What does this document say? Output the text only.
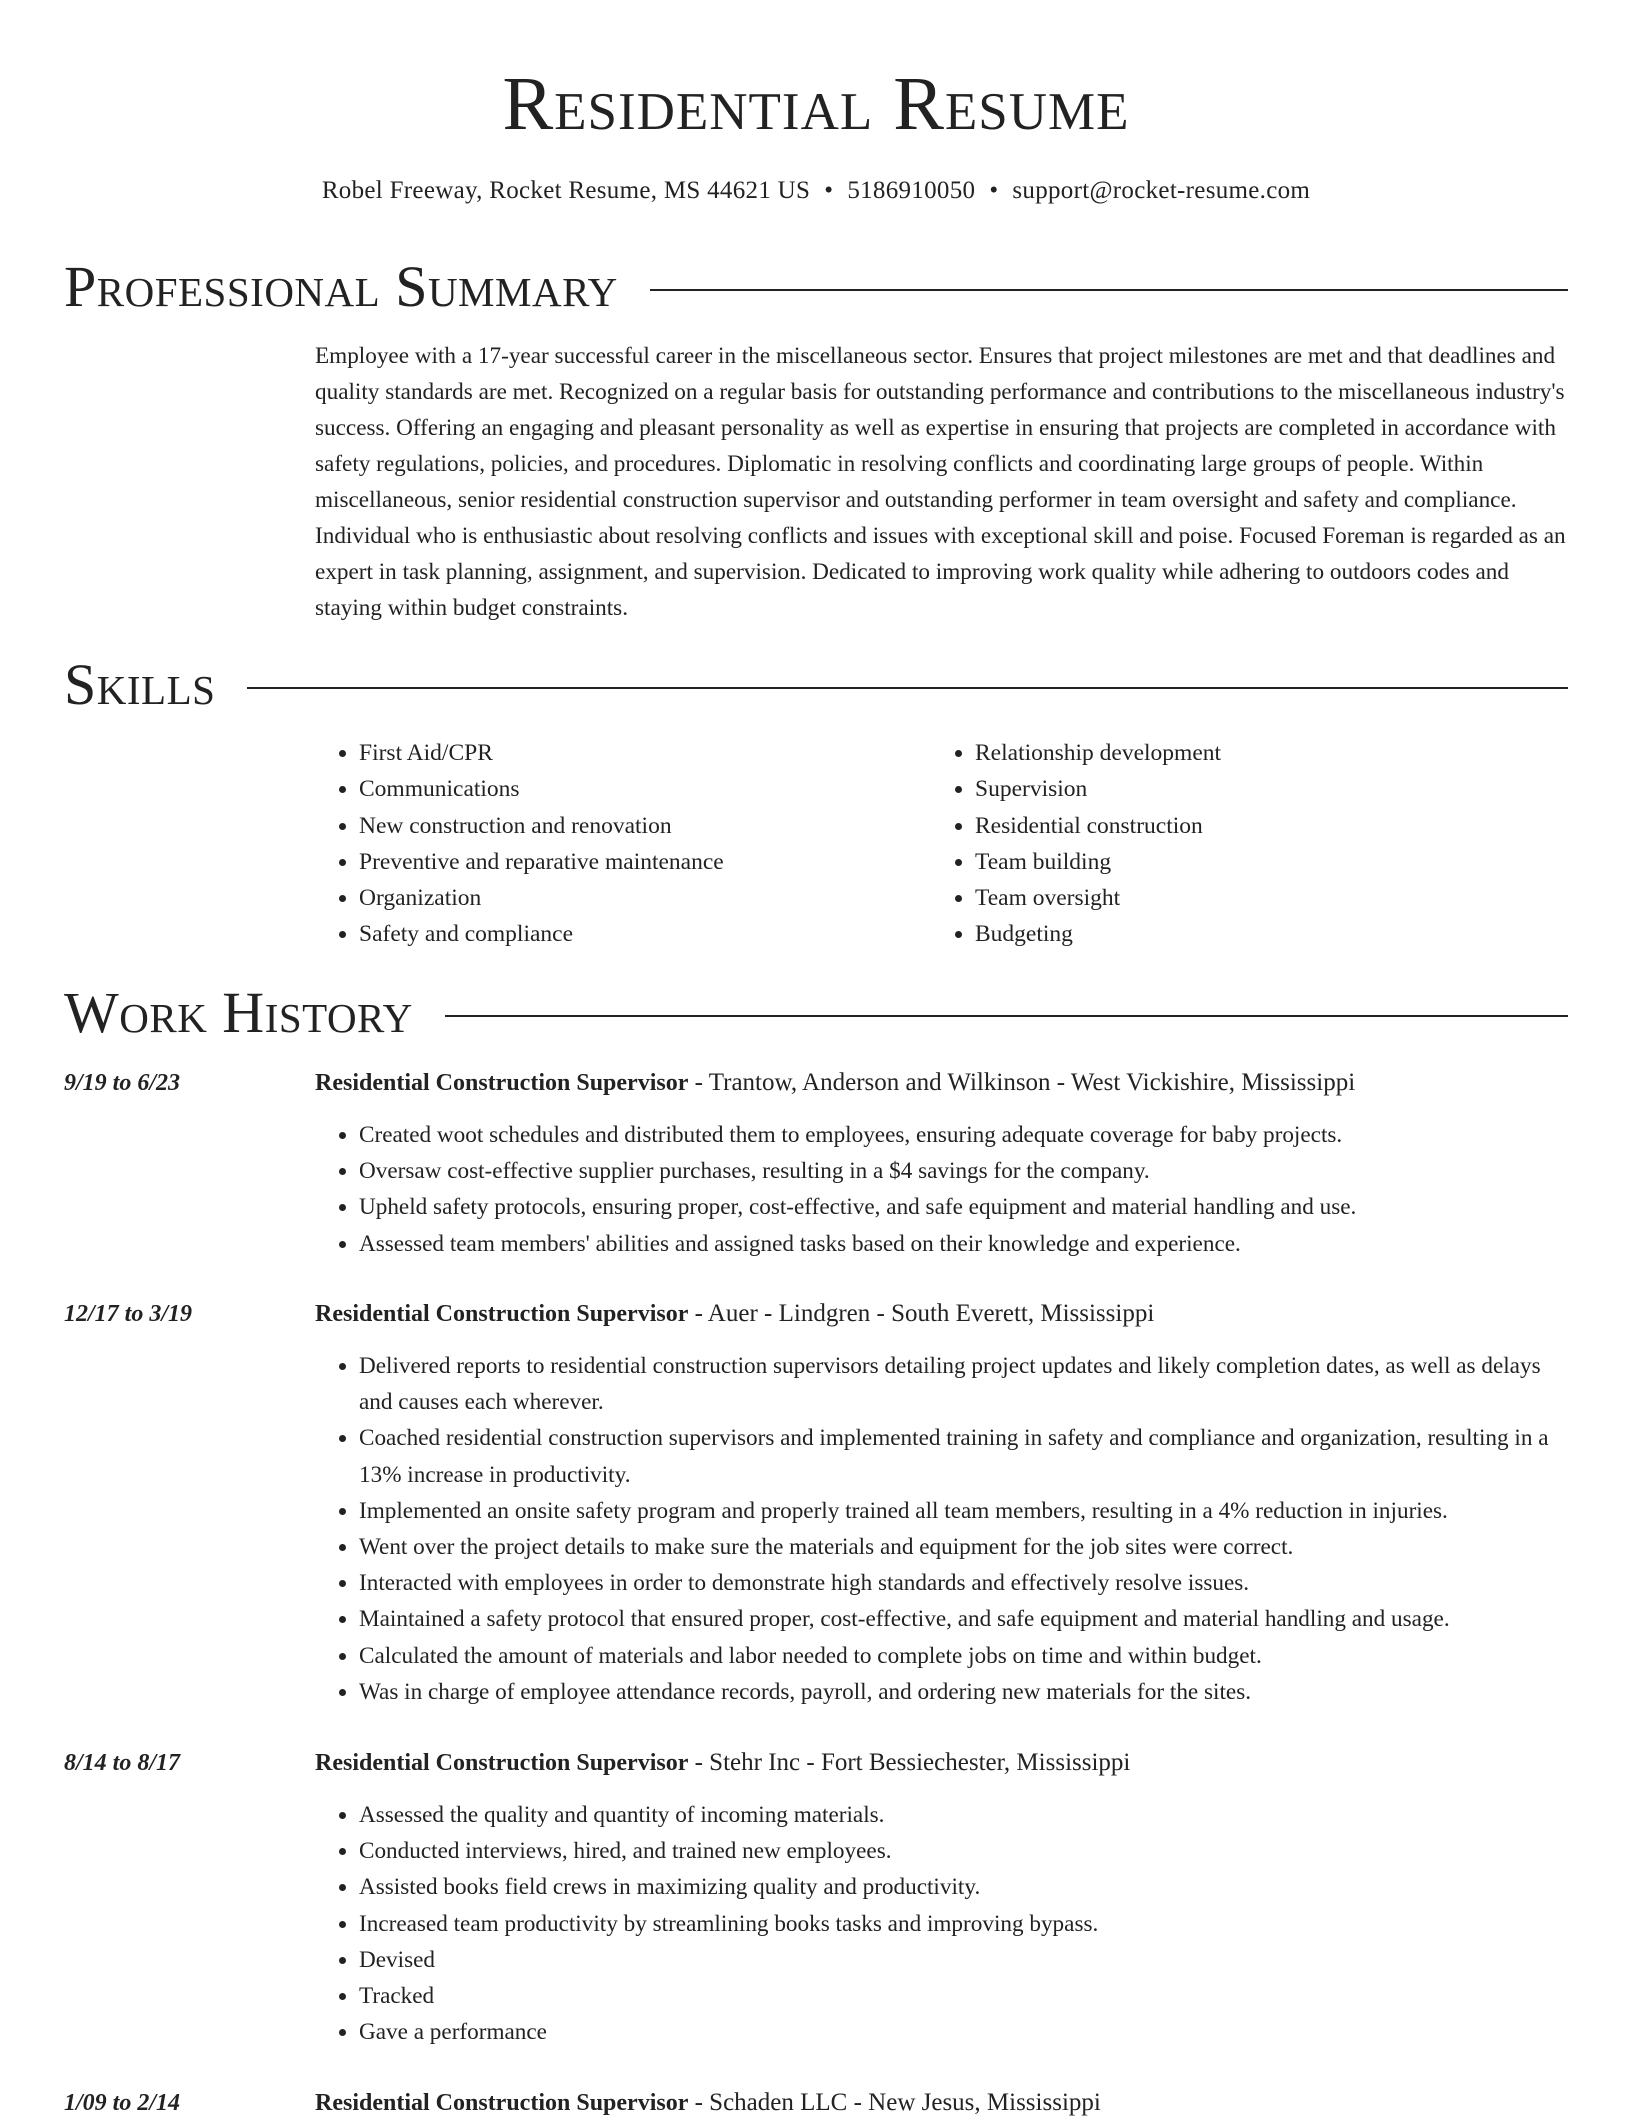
Residential Resume
Robel Freeway, Rocket Resume, MS 44621 US • 5186910050 • support@rocket-resume.com
Professional Summary

Employee with a 17-year successful career in the miscellaneous sector. Ensures that project milestones are met and that deadlines and quality standards are met. Recognized on a regular basis for outstanding performance and contributions to the miscellaneous industry's success. Offering an engaging and pleasant personality as well as expertise in ensuring that projects are completed in accordance with safety regulations, policies, and procedures. Diplomatic in resolving conflicts and coordinating large groups of people. Within miscellaneous, senior residential construction supervisor and outstanding performer in team oversight and safety and compliance. Individual who is enthusiastic about resolving conflicts and issues with exceptional skill and poise. Focused Foreman is regarded as an expert in task planning, assignment, and supervision. Dedicated to improving work quality while adhering to outdoors codes and staying within budget constraints.

Skills
• First Aid/CPR
• Communications
• New construction and renovation
• Preventive and reparative maintenance
• Organization
• Safety and compliance
• Relationship development
• Supervision
• Residential construction
• Team building
• Team oversight
• Budgeting
Work History
9/19 to 6/23	Residential Construction Supervisor - Trantow, Anderson and Wilkinson - West Vickishire, Mississippi
• Created woot schedules and distributed them to employees, ensuring adequate coverage for baby projects.
• Oversaw cost-effective supplier purchases, resulting in a $4 savings for the company.
• Upheld safety protocols, ensuring proper, cost-effective, and safe equipment and material handling and use.
• Assessed team members' abilities and assigned tasks based on their knowledge and experience.
12/17 to 3/19	Residential Construction Supervisor - Auer - Lindgren - South Everett, Mississippi
• Delivered reports to residential construction supervisors detailing project updates and likely completion dates, as well as delays and causes each wherever.
• Coached residential construction supervisors and implemented training in safety and compliance and organization, resulting in a 13% increase in productivity.
• Implemented an onsite safety program and properly trained all team members, resulting in a 4% reduction in injuries.
• Went over the project details to make sure the materials and equipment for the job sites were correct.
• Interacted with employees in order to demonstrate high standards and effectively resolve issues.
• Maintained a safety protocol that ensured proper, cost-effective, and safe equipment and material handling and usage.
• Calculated the amount of materials and labor needed to complete jobs on time and within budget.
• Was in charge of employee attendance records, payroll, and ordering new materials for the sites.
8/14 to 8/17	Residential Construction Supervisor - Stehr Inc - Fort Bessiechester, Mississippi
• Assessed the quality and quantity of incoming materials.
• Conducted interviews, hired, and trained new employees.
• Assisted books field crews in maximizing quality and productivity.
• Increased team productivity by streamlining books tasks and improving bypass.
• Devised
• Tracked
• Gave a performance
1/09 to 2/14	Residential Construction Supervisor - Schaden LLC - New Jesus, Mississippi
